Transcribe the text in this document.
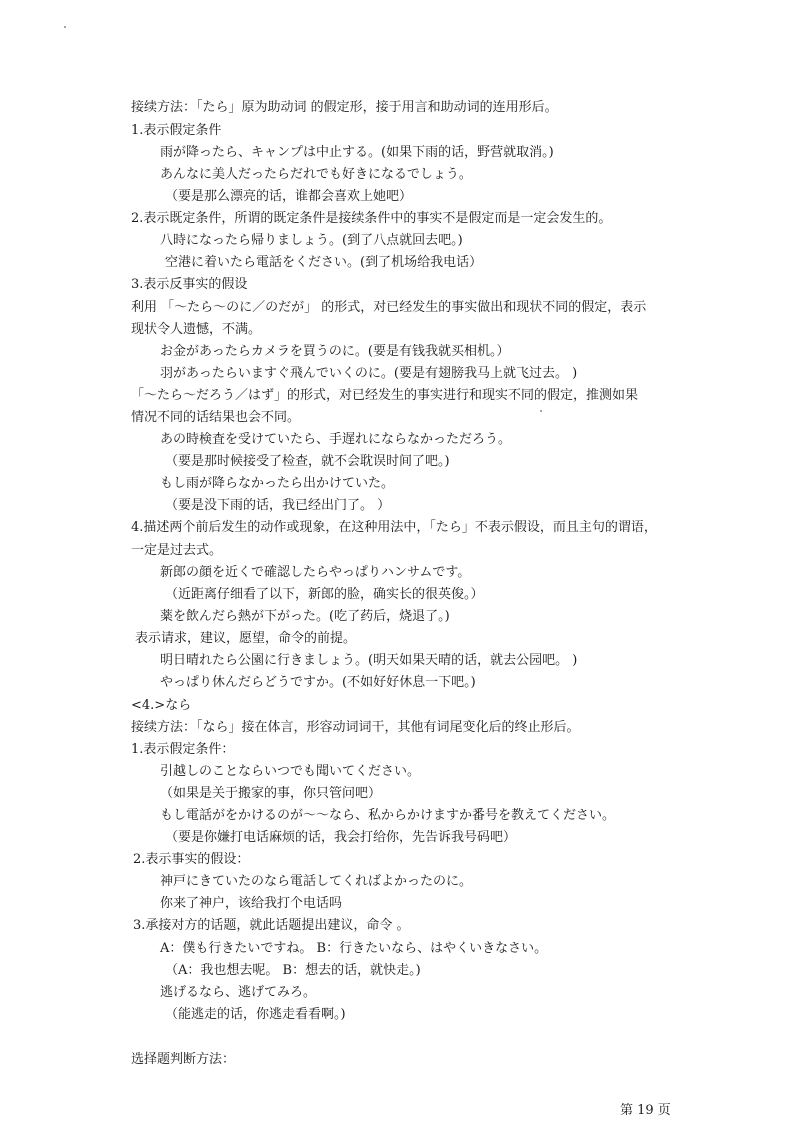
接续方法：「たら」原为助动词 的假定形，接于用言和助动词的连用形后。
1.表示假定条件
雨が降ったら、キャンプは中止する。(如果下雨的话，野营就取消。)
あんなに美人だったらだれでも好きになるでしょう。
（要是那么漂亮的话，谁都会喜欢上她吧）
2.表示既定条件，所谓的既定条件是接续条件中的事实不是假定而是一定会发生的。
八時になったら帰りましょう。(到了八点就回去吧。)
空港に着いたら電話をください。(到了机场给我电话）
3.表示反事实的假设
利用 「～たら～のに／のだが」 的形式，对已经发生的事实做出和现状不同的假定，表示
现状令人遗憾，不满。
お金があったらカメラを買うのに。(要是有钱我就买相机。）
羽があったらいますぐ飛んでいくのに。(要是有翅膀我马上就飞过去。 )
「～たら～だろう／はず」的形式，对已经发生的事实进行和现实不同的假定，推测如果
情况不同的话结果也会不同。
あの時検査を受けていたら、手遅れにならなかっただろう。
（要是那时候接受了检查，就不会耽误时间了吧。)
もし雨が降らなかったら出かけていた。
（要是没下雨的话，我已经出门了。 ）
4.描述两个前后发生的动作或现象，在这种用法中，「たら」不表示假设，而且主句的谓语，
一定是过去式。
新郎の顔を近くで確認したらやっぱりハンサムです。
（近距离仔细看了以下，新郎的脸，确实长的很英俊。）
薬を飲んだら熱が下がった。(吃了药后，烧退了。)
表示请求，建议，愿望，命令的前提。
明日晴れたら公園に行きましょう。(明天如果天晴的话，就去公园吧。 )
やっぱり休んだらどうですか。(不如好好休息一下吧。)
<4.>なら
接续方法：「なら」接在体言，形容动词词干，其他有词尾变化后的终止形后。
1.表示假定条件：
引越しのことならいつでも聞いてください。
（如果是关于搬家的事，你只管问吧）
もし電話がをかけるのが～～なら、私からかけますか番号を教えてください。
（要是你嫌打电话麻烦的话，我会打给你，先告诉我号码吧）
2.表示事实的假设：
神戸にきていたのなら電話してくればよかったのに。
你来了神户，该给我打个电话吗
3.承接对方的话题，就此话题提出建议，命令 。
A：僕も行きたいですね。 B：行きたいなら、はやくいきなさい。
（A：我也想去呢。 B：想去的话，就快走。)
逃げるなら、逃げてみろ。
（能逃走的话，你逃走看看啊。)
选择题判断方法：
第 19 页
